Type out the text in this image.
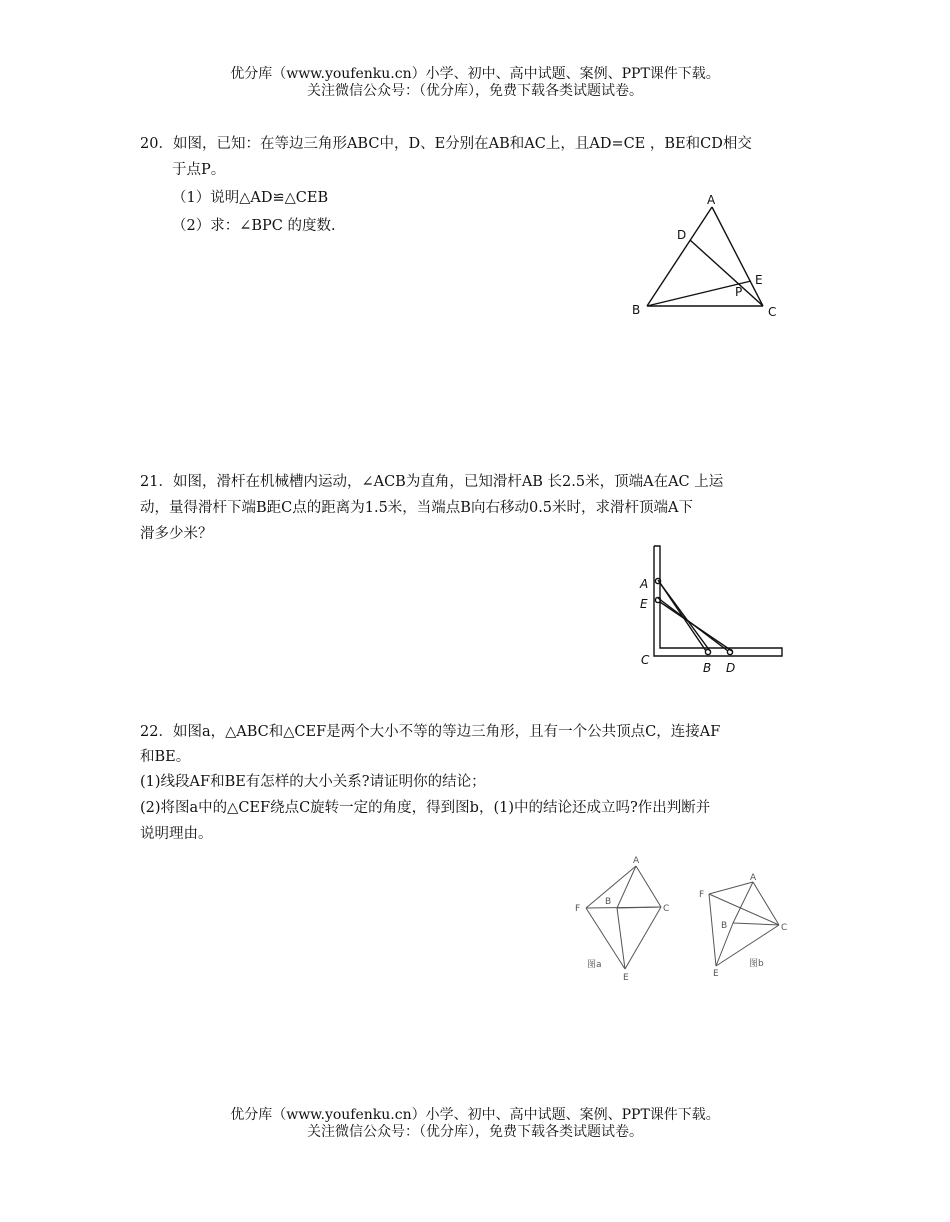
优分库（www.youfenku.cn）小学、初中、高中试题、案例、PPT课件下载。
关注微信公众号：（优分库），免费下载各类试题试卷。
20．如图，已知：在等边三角形ABC中，D、E分别在AB和AC上，且AD=CE ，BE和CD相交
于点P。
（1）说明△AD≌△CEB
（2）求：∠BPC 的度数.
A
D
E
P
B	C
21．如图，滑杆在机械槽内运动，∠ACB为直角，已知滑杆AB 长2.5米，顶端A在AC 上运
动，量得滑杆下端B距C点的距离为1.5米，当端点B向右移动0.5米时，求滑杆顶端A下
滑多少米？
A
E
C
B D
22．如图a，△ABC和△CEF是两个大小不等的等边三角形，且有一个公共顶点C，连接AF
和BE。
(1)线段AF和BE有怎样的大小关系?请证明你的结论；
(2)将图a中的△CEF绕点C旋转一定的角度，得到图b，(1)中的结论还成立吗?作出判断并
说明理由。
A
B
F	C
E
图a
A
F
B	C
E
图b
优分库（www.youfenku.cn）小学、初中、高中试题、案例、PPT课件下载。
关注微信公众号：（优分库），免费下载各类试题试卷。
